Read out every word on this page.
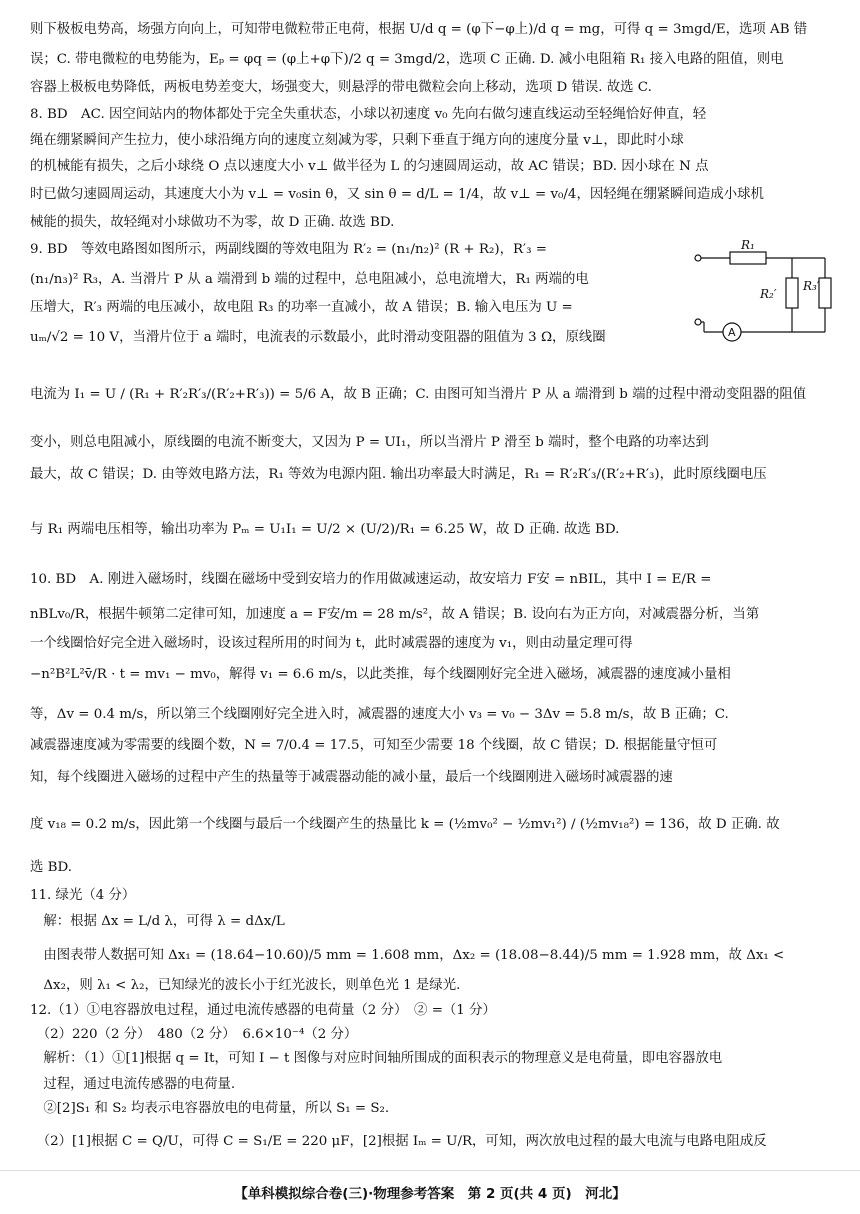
则下极板电势高，场强方向向上，可知带电微粒带正电荷，根据 U/d q = (φ下−φ上)/d q = mg，可得 q = 3mgd/E，选项 AB 错
误；C. 带电微粒的电势能为，Eₚ = φq = (φ上+φ下)/2 q = 3mgd/2，选项 C 正确. D. 减小电阻箱 R₁ 接入电路的阻值，则电
容器上极板电势降低，两板电势差变大，场强变大，则悬浮的带电微粒会向上移动，选项 D 错误. 故选 C.
8. BD　AC. 因空间站内的物体都处于完全失重状态，小球以初速度 v₀ 先向右做匀速直线运动至轻绳恰好伸直，轻
绳在绷紧瞬间产生拉力，使小球沿绳方向的速度立刻减为零，只剩下垂直于绳方向的速度分量 v⊥，即此时小球
的机械能有损失，之后小球绕 O 点以速度大小 v⊥ 做半径为 L 的匀速圆周运动，故 AC 错误；BD. 因小球在 N 点
时已做匀速圆周运动，其速度大小为 v⊥ = v₀sin θ，又 sin θ = d/L = 1/4，故 v⊥ = v₀/4，因轻绳在绷紧瞬间造成小球机
械能的损失，故轻绳对小球做功不为零，故 D 正确. 故选 BD.
9. BD　等效电路图如图所示，两副线圈的等效电阻为 R′₂ = (n₁/n₂)² (R + R₂)，R′₃ =
(n₁/n₃)² R₃，A. 当滑片 P 从 a 端滑到 b 端的过程中，总电阻减小，总电流增大，R₁ 两端的电
压增大，R′₃ 两端的电压减小，故电阻 R₃ 的功率一直减小，故 A 错误；B. 输入电压为 U =
uₘ/√2 = 10 V，当滑片位于 a 端时，电流表的示数最小，此时滑动变阻器的阻值为 3 Ω，原线圈
电流为 I₁ = U / (R₁ + R′₂R′₃/(R′₂+R′₃)) = 5/6 A，故 B 正确；C. 由图可知当滑片 P 从 a 端滑到 b 端的过程中滑动变阻器的阻值
变小，则总电阻减小，原线圈的电流不断变大，又因为 P = UI₁，所以当滑片 P 滑至 b 端时，整个电路的功率达到
最大，故 C 错误；D. 由等效电路方法，R₁ 等效为电源内阻. 输出功率最大时满足，R₁ = R′₂R′₃/(R′₂+R′₃)，此时原线圈电压
与 R₁ 两端电压相等，输出功率为 Pₘ = U₁I₁ = U/2 × (U/2)/R₁ = 6.25 W，故 D 正确. 故选 BD.
10. BD　A. 刚进入磁场时，线圈在磁场中受到安培力的作用做减速运动，故安培力 F安 = nBIL，其中 I = E/R =
nBLv₀/R，根据牛顿第二定律可知，加速度 a = F安/m = 28 m/s²，故 A 错误；B. 设向右为正方向，对减震器分析，当第
一个线圈恰好完全进入磁场时，设该过程所用的时间为 t，此时减震器的速度为 v₁，则由动量定理可得
−n²B²L²v̄/R · t = mv₁ − mv₀，解得 v₁ = 6.6 m/s，以此类推，每个线圈刚好完全进入磁场，减震器的速度减小量相
等，Δv = 0.4 m/s，所以第三个线圈刚好完全进入时，减震器的速度大小 v₃ = v₀ − 3Δv = 5.8 m/s，故 B 正确；C.
减震器速度减为零需要的线圈个数，N = 7/0.4 = 17.5，可知至少需要 18 个线圈，故 C 错误；D. 根据能量守恒可
知，每个线圈进入磁场的过程中产生的热量等于减震器动能的减小量，最后一个线圈刚进入磁场时减震器的速
度 v₁₈ = 0.2 m/s，因此第一个线圈与最后一个线圈产生的热量比 k = (½mv₀² − ½mv₁²) / (½mv₁₈²) = 136，故 D 正确. 故
选 BD.
11. 绿光（4 分）
　解：根据 Δx = L/d λ，可得 λ = dΔx/L
　由图表带人数据可知 Δx₁ = (18.64−10.60)/5 mm = 1.608 mm，Δx₂ = (18.08−8.44)/5 mm = 1.928 mm，故 Δx₁ <
　Δx₂，则 λ₁ < λ₂，已知绿光的波长小于红光波长，则单色光 1 是绿光.
12.（1）①电容器放电过程，通过电流传感器的电荷量（2 分）　② =（1 分）
　（2）220（2 分）　480（2 分）　6.6×10⁻⁴（2 分）
　解析：（1）①[1]根据 q = It，可知 I − t 图像与对应时间轴所围成的面积表示的物理意义是电荷量，即电容器放电
　过程，通过电流传感器的电荷量.
　②[2]S₁ 和 S₂ 均表示电容器放电的电荷量，所以 S₁ = S₂.
　（2）[1]根据 C = Q/U，可得 C = S₁/E = 220 μF，[2]根据 Iₘ = U/R，可知，两次放电过程的最大电流与电路电阻成反
R₁
R₂′
R₃′
A
【单科模拟综合卷(三)·物理参考答案　第 2 页(共 4 页)　河北】
